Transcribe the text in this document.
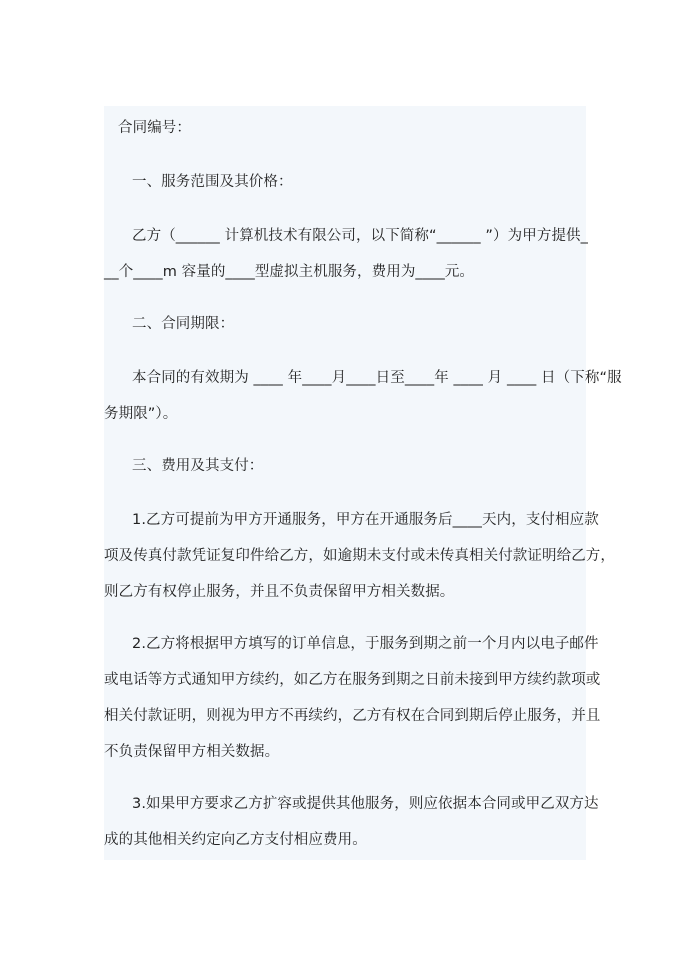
合同编号：
一、服务范围及其价格：
乙方（______ 计算机技术有限公司，以下简称“______ ”）为甲方提供_
__个____m 容量的____型虚拟主机服务，费用为____元。
二、合同期限：
本合同的有效期为 ____ 年____月____日至____年 ____ 月 ____ 日（下称“服
务期限”）。
三、费用及其支付：
1.乙方可提前为甲方开通服务，甲方在开通服务后____天内，支付相应款
项及传真付款凭证复印件给乙方，如逾期未支付或未传真相关付款证明给乙方，
则乙方有权停止服务，并且不负责保留甲方相关数据。
2.乙方将根据甲方填写的订单信息，于服务到期之前一个月内以电子邮件
或电话等方式通知甲方续约，如乙方在服务到期之日前未接到甲方续约款项或
相关付款证明，则视为甲方不再续约，乙方有权在合同到期后停止服务，并且
不负责保留甲方相关数据。
3.如果甲方要求乙方扩容或提供其他服务，则应依据本合同或甲乙双方达
成的其他相关约定向乙方支付相应费用。
